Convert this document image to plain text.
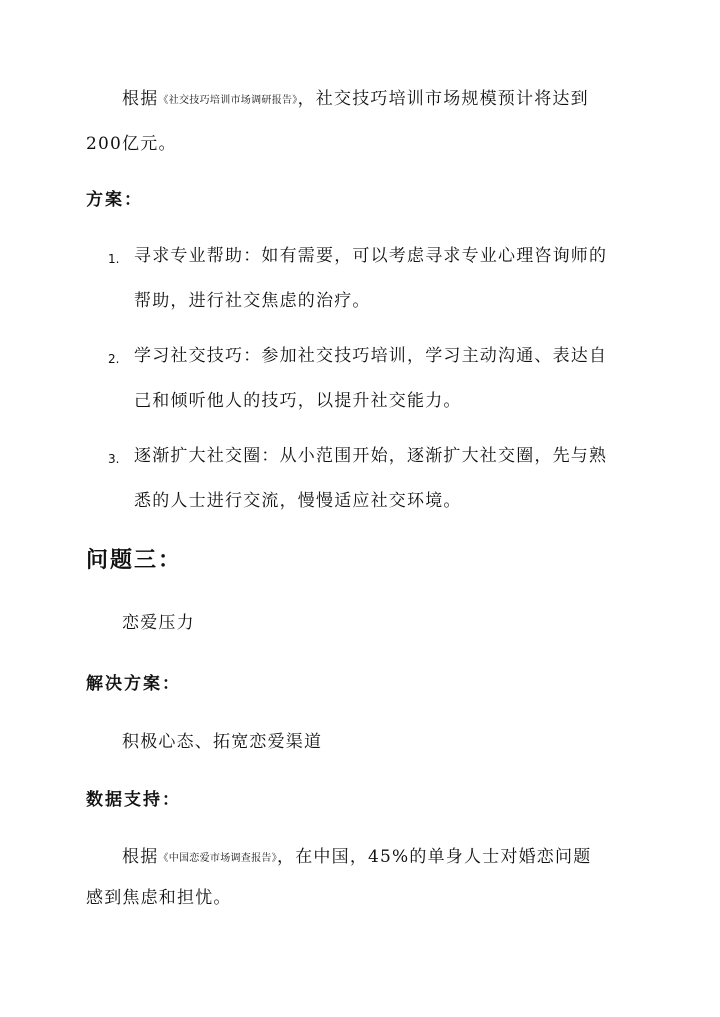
根据《社交技巧培训市场调研报告》，社交技巧培训市场规模预计将达到
200亿元。
方案：
1. 寻求专业帮助：如有需要，可以考虑寻求专业心理咨询师的
帮助，进行社交焦虑的治疗。
2. 学习社交技巧：参加社交技巧培训，学习主动沟通、表达自
己和倾听他人的技巧，以提升社交能力。
3. 逐渐扩大社交圈：从小范围开始，逐渐扩大社交圈，先与熟
悉的人士进行交流，慢慢适应社交环境。
问题三：
恋爱压力
解决方案：
积极心态、拓宽恋爱渠道
数据支持：
根据《中国恋爱市场调查报告》，在中国，45%的单身人士对婚恋问题
感到焦虑和担忧。
